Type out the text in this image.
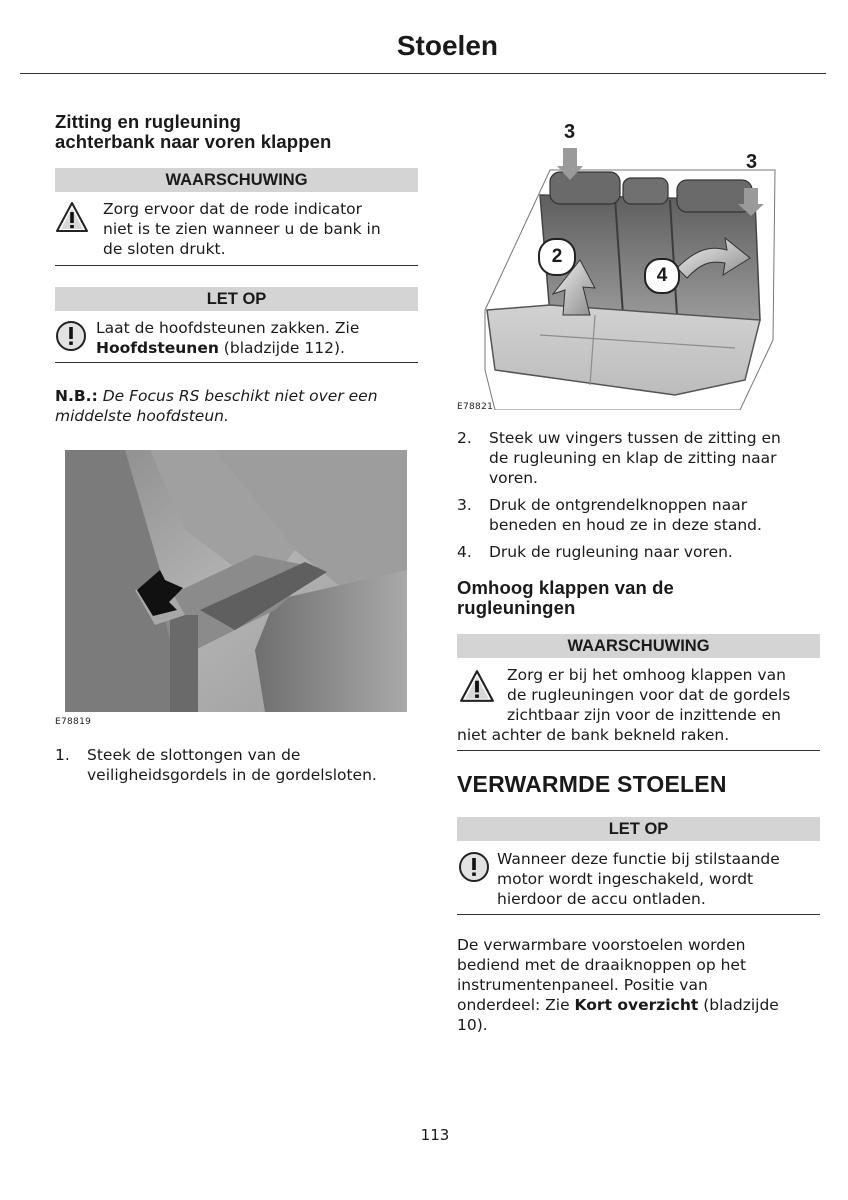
Stoelen
Zitting en rugleuning
achterbank naar voren klappen
WAARSCHUWING
Zorg ervoor dat de rode indicator
niet is te zien wanneer u de bank in
de sloten drukt.
LET OP
Laat de hoofdsteunen zakken. Zie
Hoofdsteunen (bladzijde 112).
N.B.: De Focus RS beschikt niet over een
middelste hoofdsteun.
E78819
1. Steek de slottongen van de
veiligheidsgordels in de gordelsloten.
3
3
2
4
E78821
2. Steek uw vingers tussen de zitting en
de rugleuning en klap de zitting naar
voren.
3. Druk de ontgrendelknoppen naar
beneden en houd ze in deze stand.
4. Druk de rugleuning naar voren.
Omhoog klappen van de
rugleuningen
WAARSCHUWING
Zorg er bij het omhoog klappen van
de rugleuningen voor dat de gordels
zichtbaar zijn voor de inzittende en
niet achter de bank bekneld raken.
VERWARMDE STOELEN
LET OP
Wanneer deze functie bij stilstaande
motor wordt ingeschakeld, wordt
hierdoor de accu ontladen.
De verwarmbare voorstoelen worden
bediend met de draaiknoppen op het
instrumentenpaneel. Positie van
onderdeel: Zie Kort overzicht (bladzijde
10).
113
